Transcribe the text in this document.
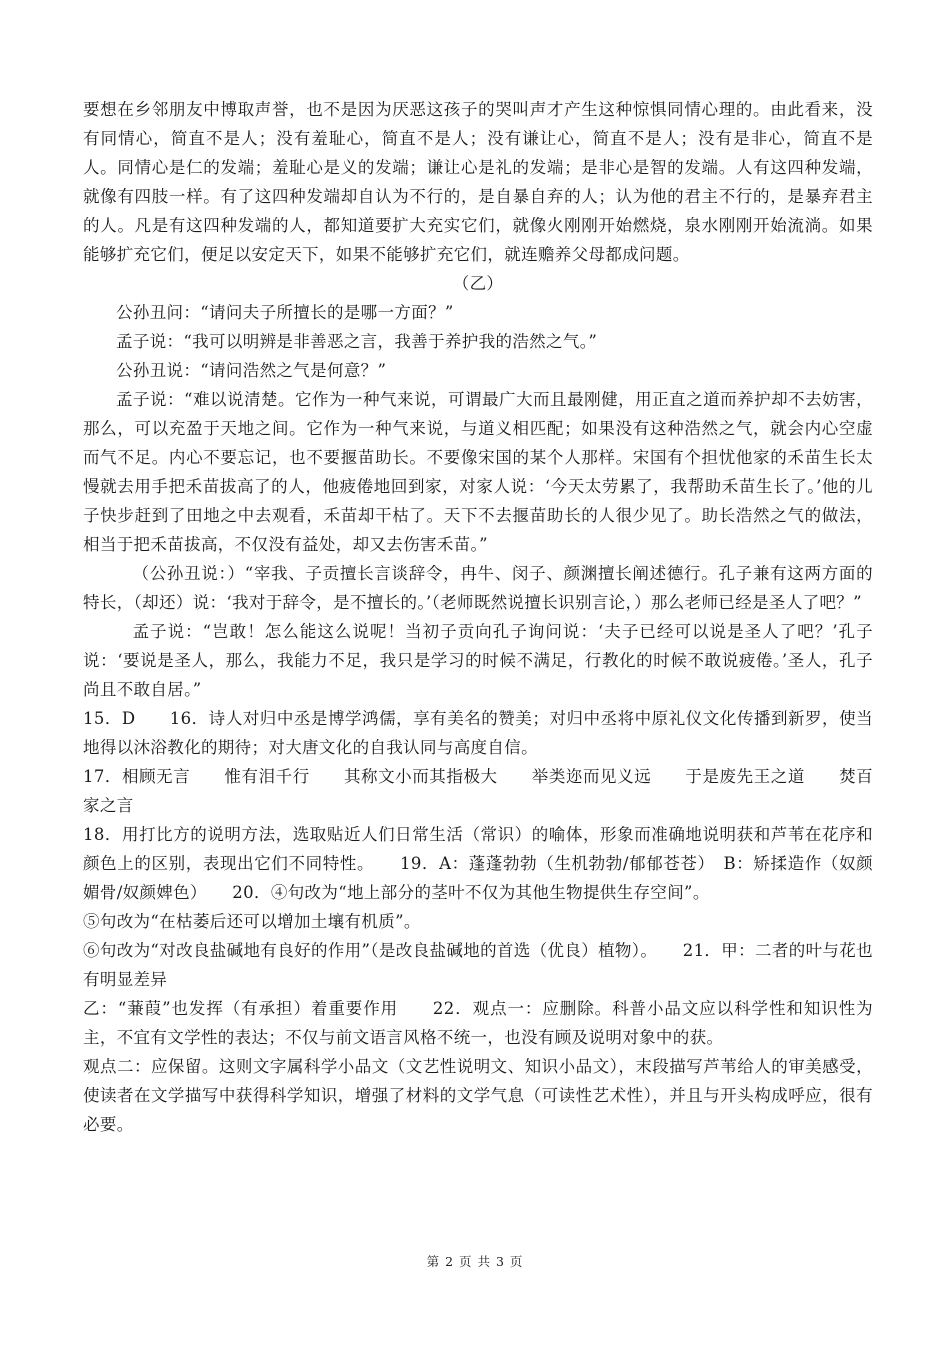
要想在乡邻朋友中博取声誉，也不是因为厌恶这孩子的哭叫声才产生这种惊惧同情心理的。由此看来，没有同情心，简直不是人；没有羞耻心，简直不是人；没有谦让心，简直不是人；没有是非心，简直不是人。同情心是仁的发端；羞耻心是义的发端；谦让心是礼的发端；是非心是智的发端。人有这四种发端，就像有四肢一样。有了这四种发端却自认为不行的，是自暴自弃的人；认为他的君主不行的，是暴弃君主的人。凡是有这四种发端的人，都知道要扩大充实它们，就像火刚刚开始燃烧，泉水刚刚开始流淌。如果能够扩充它们，便足以安定天下，如果不能够扩充它们，就连赡养父母都成问题。

（乙）

公孙丑问：“请问夫子所擅长的是哪一方面？”

孟子说：“我可以明辨是非善恶之言，我善于养护我的浩然之气。”

公孙丑说：“请问浩然之气是何意？”

孟子说：“难以说清楚。它作为一种气来说，可谓最广大而且最刚健，用正直之道而养护却不去妨害，那么，可以充盈于天地之间。它作为一种气来说，与道义相匹配；如果没有这种浩然之气，就会内心空虚而气不足。内心不要忘记，也不要揠苗助长。不要像宋国的某个人那样。宋国有个担忧他家的禾苗生长太慢就去用手把禾苗拔高了的人，他疲倦地回到家，对家人说：‘今天太劳累了，我帮助禾苗生长了。’他的儿子快步赶到了田地之中去观看，禾苗却干枯了。天下不去揠苗助长的人很少见了。助长浩然之气的做法，相当于把禾苗拔高，不仅没有益处，却又去伤害禾苗。”

（公孙丑说：）“宰我、子贡擅长言谈辞令，冉牛、闵子、颜渊擅长阐述德行。孔子兼有这两方面的特长，（却还）说：‘我对于辞令，是不擅长的。’（老师既然说擅长识别言论，）那么老师已经是圣人了吧？”

孟子说：“岂敢！怎么能这么说呢！当初子贡向孔子询问说：‘夫子已经可以说是圣人了吧？’孔子说：‘要说是圣人，那么，我能力不足，我只是学习的时候不满足，行教化的时候不敢说疲倦。’圣人，孔子尚且不敢自居。”

15．D　　16．诗人对归中丞是博学鸿儒，享有美名的赞美；对归中丞将中原礼仪文化传播到新罗，使当地得以沐浴教化的期待；对大唐文化的自我认同与高度自信。

17．相顾无言　　惟有泪千行　　其称文小而其指极大　　举类迩而见义远　　于是废先王之道　　焚百家之言

18．用打比方的说明方法，选取贴近人们日常生活（常识）的喻体，形象而准确地说明获和芦苇在花序和颜色上的区别，表现出它们不同特性。　　19．A：蓬蓬勃勃（生机勃勃/郁郁苍苍）　B：矫揉造作（奴颜媚骨/奴颜婢色）　　20．④句改为“地上部分的茎叶不仅为其他生物提供生存空间”。

⑤句改为“在枯萎后还可以增加土壤有机质”。

⑥句改为“对改良盐碱地有良好的作用”（是改良盐碱地的首选（优良）植物）。　　21．甲：二者的叶与花也有明显差异

乙：“蒹葭”也发挥（有承担）着重要作用　　22．观点一：应删除。科普小品文应以科学性和知识性为主，不宜有文学性的表达；不仅与前文语言风格不统一，也没有顾及说明对象中的获。

观点二：应保留。这则文字属科学小品文（文艺性说明文、知识小品文），末段描写芦苇给人的审美感受，使读者在文学描写中获得科学知识，增强了材料的文学气息（可读性艺术性），并且与开头构成呼应，很有必要。

第 2 页 共 3 页
